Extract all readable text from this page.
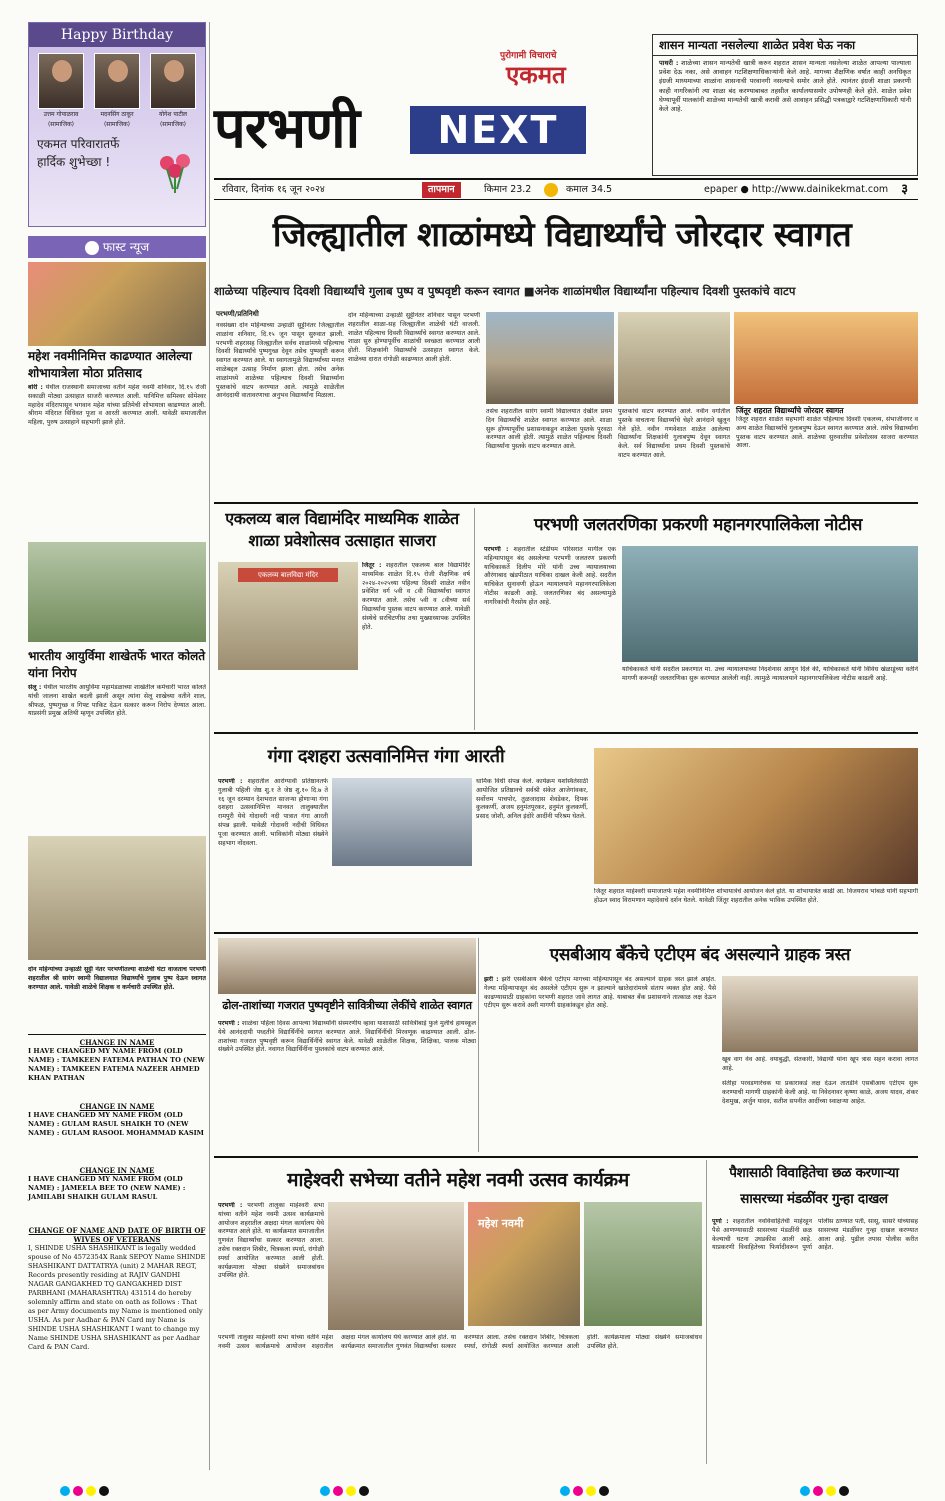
Happy Birthday
उत्तम गोपाळराव
(सामाजिक)
मदनसिंग ठाकूर
(सामाजिक)
योगेश पाटील
(सामाजिक)
एकमत परिवारातर्फे
हार्दिक शुभेच्छा !
फास्ट न्यूज
महेश नवमीनिमित्त काढण्यात आलेल्या शोभायात्रेला मोठा प्रतिसाद
बोरी : येथील राजस्थानी समाजाच्या वतीने महेश नवमी शनिवार, दि.१५ रोजी सकाळी मोठ्या उत्साहात साजरी करण्यात आली. यानिमित्त समिश्वर सोमेश्वर महादेव मंदिरापासून भगवान महेश यांच्या प्रतिमेची शोभायात्रा काढण्यात आली. श्रीराम मंदिरात विधिवत पूजा व आरती करण्यात आली. यावेळी समाजातील महिला, पुरुष उत्साहाने सहभागी झाले होते.
भारतीय आयुर्विमा शाखेतर्फे भारत कोलते यांना निरोप
सेलू : येथील भारतीय आयुर्विमा महामंडळाच्या शाखेतील कर्मचारी भारत कोलते यांची जालना शाखेत बदली झाली असून त्यांना सेलू शाखेच्या वतीने शाल, श्रीफळ, पुष्पगुच्छ व गिफ्ट पाकिट देऊन सत्कार करून निरोप देण्यात आला. याप्रसंगी प्रमुख अतिथी म्हणून उपस्थित होते.
दोन महिन्यांच्या उन्हाळी सुट्टी नंतर परभणीतल्या शाळेची घंटा वाजताच परभणी शहरातील श्री सारंग स्वामी विद्यालयात विद्यार्थ्यांचे गुलाब पुष्प देऊन स्वागत करण्यात आले. यावेळी शाळेचे शिक्षक व कर्मचारी उपस्थित होते.
CHANGE IN NAME
I HAVE CHANGED MY NAME FROM (OLD NAME) : TAMKEEN FATEMA PATHAN TO (NEW NAME) : TAMKEEN FATEMA NAZEER AHMED KHAN PATHAN
CHANGE IN NAME
I HAVE CHANGED MY NAME FROM (OLD NAME) : GULAM RASUL SHAIKH TO (NEW NAME) : GULAM RASOOL MOHAMMAD KASIM
CHANGE IN NAME
I HAVE CHANGED MY NAME FROM (OLD NAME) : JAMEELA BEE TO (NEW NAME) : JAMILABI SHAIKH GULAM RASUL
CHANGE OF NAME AND DATE OF BIRTH OF WIVES OF VETERANS
I, SHINDE USHA SHASHIKANT is legally wedded spouse of No 4572354X Rank SEPOY Name SHINDE SHASHIKANT DATTATRYA (unit) 2 MAHAR REGT, Records presently residing at RAJIV GANDHI NAGAR GANGAKHED TQ GANGAKHED DIST PARBHANI (MAHARASHTRA) 431514 do hereby solemnly affirm and state on oath as follows : That as per Army documents my Name is mentioned only USHA. As per Aadhar & PAN Card my Name is SHINDE USHA SHASHIKANT I want to change my Name SHINDE USHA SHASHIKANT as per Aadhar Card & PAN Card.
पुरोगामी विचाराचे
एकमत
परभणी	NEXT
शासन मान्यता नसलेल्या शाळेत प्रवेश घेऊ नका
पाथरी : शाळेच्या शासन मान्यतेची खात्री करुन शहरात शासन मान्यता नसलेल्या शाळेत आपल्या पाल्याला प्रवेश देऊ नका, असे आवाहन गटशिक्षणाधिकाऱ्यांनी केले आहे. मागच्या शैक्षणिक वर्षात काही अनधिकृत इंग्रजी माध्यमाच्या शाळांना शासनाची परवानगी नसल्याचे समोर आले होते. त्यानंतर इंग्रजी शाळा प्रकरणी काही नागरिकांनी त्या शाळा बंद करण्याबाबत तहसील कार्यालयासमोर उपोषणही केले होते. शाळेत प्रवेश घेण्यापूर्वी पालकांनी शाळेच्या मान्यतेची खात्री करावी असे आवाहन प्रसिद्धी पत्रकाद्वारे गटशिक्षणाधिकारी यांनी केले आहे.
रविवार, दिनांक १६ जून २०२४	तापमान	किमान 23.2	कमाल 34.5	epaper ● http://www.dainikekmat.com ३
जिल्ह्यातील शाळांमध्ये विद्यार्थ्यांचे जोरदार स्वागत
शाळेच्या पहिल्याच दिवशी विद्यार्थ्यांचे गुलाब पुष्प व पुष्पवृष्टी करून स्वागत ■अनेक शाळांमधील विद्यार्थ्यांना पहिल्याच दिवशी पुस्तकांचे वाटप
परभणी/प्रतिनिधी
नवसंख्या दोन महिन्याच्या उन्हाळी सुट्टीनंतर जिल्ह्यातील शाळांना शनिवार, दि.१५ जून पासून सुरुवात झाली. परभणी शहरासह जिल्ह्यातील सर्वच शाळांमध्ये पहिल्याच दिवशी विद्यार्थ्यांचे पुष्पगुच्छ देवून तसेच पुष्पवृष्टी करून स्वागत करण्यात आले. या स्वागतामुळे विद्यार्थ्यांच्या मनात शाळेबद्दल उत्साह निर्माण झाला होता. तसेच अनेक शाळांमध्ये शाळेच्या पहिल्याच दिवशी विद्यार्थ्यांना पुस्तकांचे वाटप करण्यात आले. त्यामुळे शाळेतील आनंददायी वातावरणाचा अनुभव विद्यार्थ्यांना मिळाला.
दोन महिन्याच्या उन्हाळी सुट्टीनंतर शनिवार पासून परभणी शहरातील शाळा-सह जिल्ह्यातील शाळेची घंटी वाजली. शाळेत पहिल्याच दिवशी विद्यार्थ्यांचे स्वागत करण्यात आले. शाळा सुरु होण्यापूर्वीच शाळांची स्वच्छता करण्यात आली होती. शिक्षकांनी विद्यार्थ्यांचे उत्साहात स्वागत केले. शाळेच्या दारात रांगोळी काढण्यात आली होती.
तसेच शहरातील सारंग स्वामी विद्यालयात देखील प्रथम दिन विद्यार्थ्यांचे शाळेत स्वागत करण्यात आले. शाळा सुरू होण्यापूर्वीच प्रशासनाकडून शाळेला पुस्तके पुरवठा करण्यात आली होती. त्यामुळे शाळेत पहिल्याच दिवशी विद्यार्थ्यांना पुस्तके वाटप करण्यात आले.
पुस्तकांचे वाटप करण्यात आले. नवीन वर्गातील पुस्तके वाचताना विद्यार्थ्यांचे चेहरे आनंदाने खुलून गेले होते. नवीन गणवेशात शाळेत आलेल्या विद्यार्थ्यांना शिक्षकांनी गुलाबपुष्प देवून स्वागत केले. सर्व विद्यार्थ्यांना प्रथम दिवशी पुस्तकांचे वाटप करण्यात आले.
जिंतूर शहरात विद्यार्थ्यांचे जोरदार स्वागत
जिंतूर शहरात शाळेत सहभागी शाळेत पहिल्याच दिवशी एकलव्य, संभाजीनगर व अन्य शाळेत विद्यार्थ्यांचे गुलाबपुष्प देऊन स्वागत करण्यात आले. तसेच विद्यार्थ्यांना पुस्तक वाटप करण्यात आले. शाळेच्या सुरुवातीस प्रवेशोत्सव साजरा करण्यात आला.
एकलव्य बाल विद्यामंदिर माध्यमिक शाळेत शाळा प्रवेशोत्सव उत्साहात साजरा
एकलव्य बालविद्या मंदिर
जिंतूर : शहरातील एकलव्य बाल विद्यामंदिर माध्यमिक शाळेत दि.१५ रोजी शैक्षणिक वर्ष २०२४-२०२५च्या पहिल्या दिवशी शाळेत नवीन प्रवेशित वर्ग ५वी व ८वी विद्यार्थ्यांचा स्वागत करण्यात आले. तसेच ५वी व ८वीच्या सर्व विद्यार्थ्यांना पुस्तक वाटप करण्यात आले. यावेळी संस्थेचे सरचिटणीस तथा मुख्याध्यापक उपस्थित होते.
परभणी जलतरणिका प्रकरणी महानगरपालिकेला नोटीस
परभणी : शहरातील स्टेडीयम परिसरात मागील एक महिन्यापासून बंद असलेल्या परभणी जलतरण प्रकरणी याचिकाकर्ते दिलीप मोरे यांनी उच्च न्यायालयाच्या औरंगाबाद खंडपीठात याचिका दाखल केली आहे. सदरील याचिकेत सुनावणी होऊन न्यायालयाने महानगरपालिकेला नोटीस काढली आहे. जलतरणिका बंद असल्यामुळे नागरिकांची गैरसोय होत आहे.
याचिकाकर्ते यांनी सदरील प्रकरणात मा. उच्च न्यायालयाच्या निदर्शनास आणून दिले की, याचिकाकर्ते यांनी विविध खेळाडूंच्या वतीने मागणी करूनही जलतरणिका सुरू करण्यात आलेली नाही. त्यामुळे न्यायालयाने महानगरपालिकेला नोटीस काढली आहे.
गंगा दशहरा उत्सवानिमित्त गंगा आरती
परभणी : शहरातील आरोग्यावी प्रतिष्ठानतर्फे गुलाबी पहिली जेष्ठ शु.१ ते जेष्ठ शु.१० दि.७ ते १६ जून दरम्यान देशभरात साजऱ्या होणाऱ्या गंगा दशहरा उत्सवानिमित्त मानवत तालुक्यातील रामपुरी येथे गोदावरी नदी पात्रात गंगा आरती संपन्न झाली. यावेळी गोदावरी नदीची विधिवत पूजा करण्यात आली. भाविकांनी मोठ्या संख्येने सहभाग नोंदवला.
धार्मिक विधी संपन्न केले. कार्यक्रम यशस्वितेसाठी आयोजित प्रतिष्ठानचे सर्वश्री संकेत आजेगांवकर, सर्वोत्तम पाचपोर, तुळजादास शेवडेकर, दिपक कुलकर्णी, अजय हनुमंतपूरकर, हनुमंत कुलकर्णी, प्रसाद जोशी, अनिल इंदोरे आदींनी परिश्रम घेतले.
जिंतूर शहरात माहेश्वरी समाजातर्फे महेश नवमीनिमित्त शोभायात्रेचे आयोजन केले होते. या शोभायात्रेत काढी आ. विजयराव भांबळे यांनी सहभागी होऊन स्वाद विरामणान महादेवाचे दर्शन घेतले. यावेळी जिंतूर शहरातील अनेक भाविक उपस्थित होते.
ढोल-ताशांच्या गजरात पुष्पवृष्टीने सावित्रीच्या लेकींचे शाळेत स्वागत
परभणी : शाळेचा पहिला दिवस आपल्या विद्यार्थ्यांनी संस्मरणीय व्हावा याशासाठी सावित्रीबाई फुले मुलींचे हायस्कूल येथे आनंददायी पध्दतीने विद्यार्थिनींचे स्वागत करण्यात आले. विद्यार्थिनींची मिरवणूक काढण्यात आली. ढोल-ताशांच्या गजरात पुष्पवृष्टी करून विद्यार्थिनींचे स्वागत केले. यावेळी शाळेतील शिक्षक, शिक्षिका, पालक मोठ्या संख्येने उपस्थित होते. नवागत विद्यार्थिनींना पुस्तकांचे वाटप करण्यात आले.
एसबीआय बँकेचे एटीएम बंद असल्याने ग्राहक त्रस्त
झरी : झरी एसबीआय बँकेचे एटीएम मागच्या महिन्यापासून बंद असल्याने ग्राहक त्रस्त झाले आहेत. गेल्या महिन्यापासून बंद असलेले एटीएम सुरू न झाल्याने खातेदारांमध्ये संताप व्यक्त होत आहे. पैसे काढण्यासाठी ग्राहकांना परभणी शहरात जावे लागत आहे. याबाबत बँक प्रशासनाने तात्काळ लक्ष देऊन एटीएम सुरू करावे अशी मागणी ग्राहकांकडून होत आहे.
खूब वाग वेव आहे. वयाबुद्धी, सेतकारी, विद्यार्थी यांना खूप त्रास सहन करावा लागत आहे.
सेतीहा परवडणारेचक या प्रकाराकडे लक्ष देऊन तातडीने एसबीआय एटीएम सुरू करण्याची मागणी ग्राहकांनी केली आहे. या निवेदनावर कृष्णा काळे, अजय यादव, शंकर देशमुख, अर्जुन यादव, सतीश सपनीत आदींच्या स्वाक्षऱ्या आहेत.
माहेश्वरी सभेच्या वतीने महेश नवमी उत्सव कार्यक्रम
परभणी : परभणी तालुका माहेश्वरी सभा यांच्या वतीने महेश नवमी उत्सव कार्यक्रमाचे आयोजन शहरातील अक्षदा मंगल कार्यालय येथे करण्यात आले होते. या कार्यक्रमात समाजातील गुणवंत विद्यार्थ्यांचा सत्कार करण्यात आला. तसेच रक्तदान शिबीर, चित्रकला स्पर्धा, रांगोळी स्पर्धा आयोजित करण्यात आली होती. कार्यक्रमाला मोठ्या संख्येने समाजबांधव उपस्थित होते.
महेश नवमी
परभणी तालुका माहेश्वरी सभा यांच्या वतीने महेश नवमी उत्सव कार्यक्रमाचे आयोजन शहरातील अक्षदा मंगल कार्यालय येथे करण्यात आले होते. या कार्यक्रमात समाजातील गुणवंत विद्यार्थ्यांचा सत्कार करण्यात आला. तसेच रक्तदान शिबीर, चित्रकला स्पर्धा, रांगोळी स्पर्धा आयोजित करण्यात आली होती. कार्यक्रमाला मोठ्या संख्येने समाजबांधव उपस्थित होते.
पैशासाठी विवाहितेचा छळ करणाऱ्या सासरच्या मंडळींवर गुन्हा दाखल
पूर्णा : शहरातील नवविवाहितेची माहेरहून पैसे आणण्यासाठी सासरच्या मंडळींनी छळ केल्याची घटना उघडकीस आली आहे. याप्रकरणी विवाहितेच्या फिर्यादीवरून पूर्णा पोलीस ठाण्यात पती, सासू, सासरे यांच्यासह सासरच्या मंडळींवर गुन्हा दाखल करण्यात आला आहे. पुढील तपास पोलीस करीत आहेत.
